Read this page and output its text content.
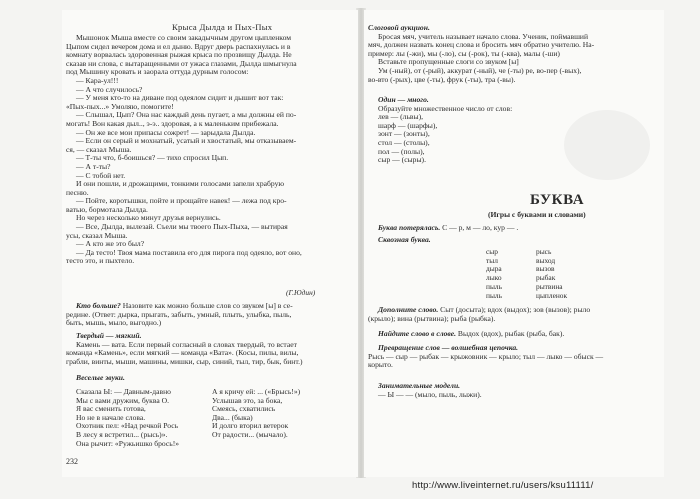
Крыса Дылда и Пых-Пых
Мышонок Мыша вместе со своим закадычным другом цыпленком
Цыпом сидел вечером дома и ел дыню. Вдруг дверь распахнулась и в
комнату ворвалась здоровенная рыжая крыса по прозвищу Дылда. Не
сказав ни слова, с вытаращенными от ужаса глазами, Дылда шмыгнула
под Мышину кровать и заорала оттуда дурным голосом:
— Кара-ул!!!
— А что случилось?
— У меня кто-то на диване под одеялом сидит и дышит вот так:
«Пых-пых...» Умоляю, помогите!
— Слышал, Цып? Она нас каждый день пугает, а мы должны ей по-
могать! Вон какая дыл.., э-э.. здоровая, а к маленьким прибежала.
— Он же все мои припасы сожрет! — зарыдала Дылда.
— Если он серый и мохнатый, усатый и хвостатый, мы отказываем-
ся, — сказал Мыша.
— Т-ты что, б-боишься? — тихо спросил Цып.
— А т-ты?
— С тобой нет.
И они пошли, и дрожащими, тонкими голосами запели храбрую
песню.
— Пойте, коротышки, пойте и прощайте навек! — лежа под кро-
ватью, бормотала Дылда.
Но через несколько минут друзья вернулись.
— Все, Дылда, вылезай. Съели мы твоего Пых-Пыха, — вытирая
усы, сказал Мыша.
— А кто же это был?
— Да тесто! Твоя мама поставила его для пирога под одеяло, вот оно,
тесто это, и пыхтело.
(Г.Юдин)
Кто больше? Назовите как можно больше слов со звуком [ы] в се-
редине. (Ответ: дырка, прыгать, забыть, умный, плыть, улыбка, пыль,
быть, мышь, мыло, выгодно.)
Твердый — мягкий.
Камень — вата. Если первый согласный в словах твердый, то встает
команда «Камень», если мягкий — команда «Вата». (Косы, пилы, вилы,
грабли, винты, мыши, машины, мишки, сыр, синий, тыл, тир, бык, бинт.)
Веселые звуки.
Сказала Ы: — Давным-давно
Мы с вами дружим, буква О.
Я вас сменить готова,
Но не в начале слова.
Охотник пел: «Над речкой Рось
В лесу я встретил... (рысь)».
Она рычит: «Ружьишко брось!»
А я кричу ей: ... («Брысь!»)
Услышав это, за бока,
Смеясь, схватились
Два... (быка)
И долго вторил ветерок
От радости... (мычало).
232
Слоговой аукцион.
Бросая мяч, учитель называет начало слова. Ученик, поймавший
мяч, должен назвать конец слова и бросить мяч обратно учителю. На-
пример: лы (-жи), мы (-ло), сы (-рок), ты (-ква), малы (-ши)
Вставьте пропущенные слоги со звуком [ы]
Ум (-ный), от (-рый), аккурат (-ный), че (-ты) ре, во-пер (-вых),
во-вто (-рых), цве (-ты), фрук (-ты), тра (-вы).
Один — много.
Образуйте множественное число от слов:
лев — (львы),
шарф — (шарфы),
зонт — (зонты),
стол — (столы),
пол — (полы),
сыр — (сыры).
БУКВА
(Игры с буквами и словами)
Буква потерялась. С — р, м — ло, кур — .
Сквозная буква.
сыр
тыл
дыра
лыко
пыль
пыль
рысь
выход
вызов
рыбак
рытвина
цыпленок
Дополните слово. Сыт (досыта); вдох (выдох); зов (вызов); рыло
(крыло); вина (рытвина); рыба (рыбка).
Найдите слово в слове. Выдох (вдох), рыбак (рыба, бак).
Превращение слов — волшебная цепочка.
Рысь — сыр — рыбак — крыжовник — крыло; тыл — лыко — обыск —
корыто.
Занимательные модели.
— Ы — — (мыло, пыль, лыжи).
http://www.liveinternet.ru/users/ksu11111/
